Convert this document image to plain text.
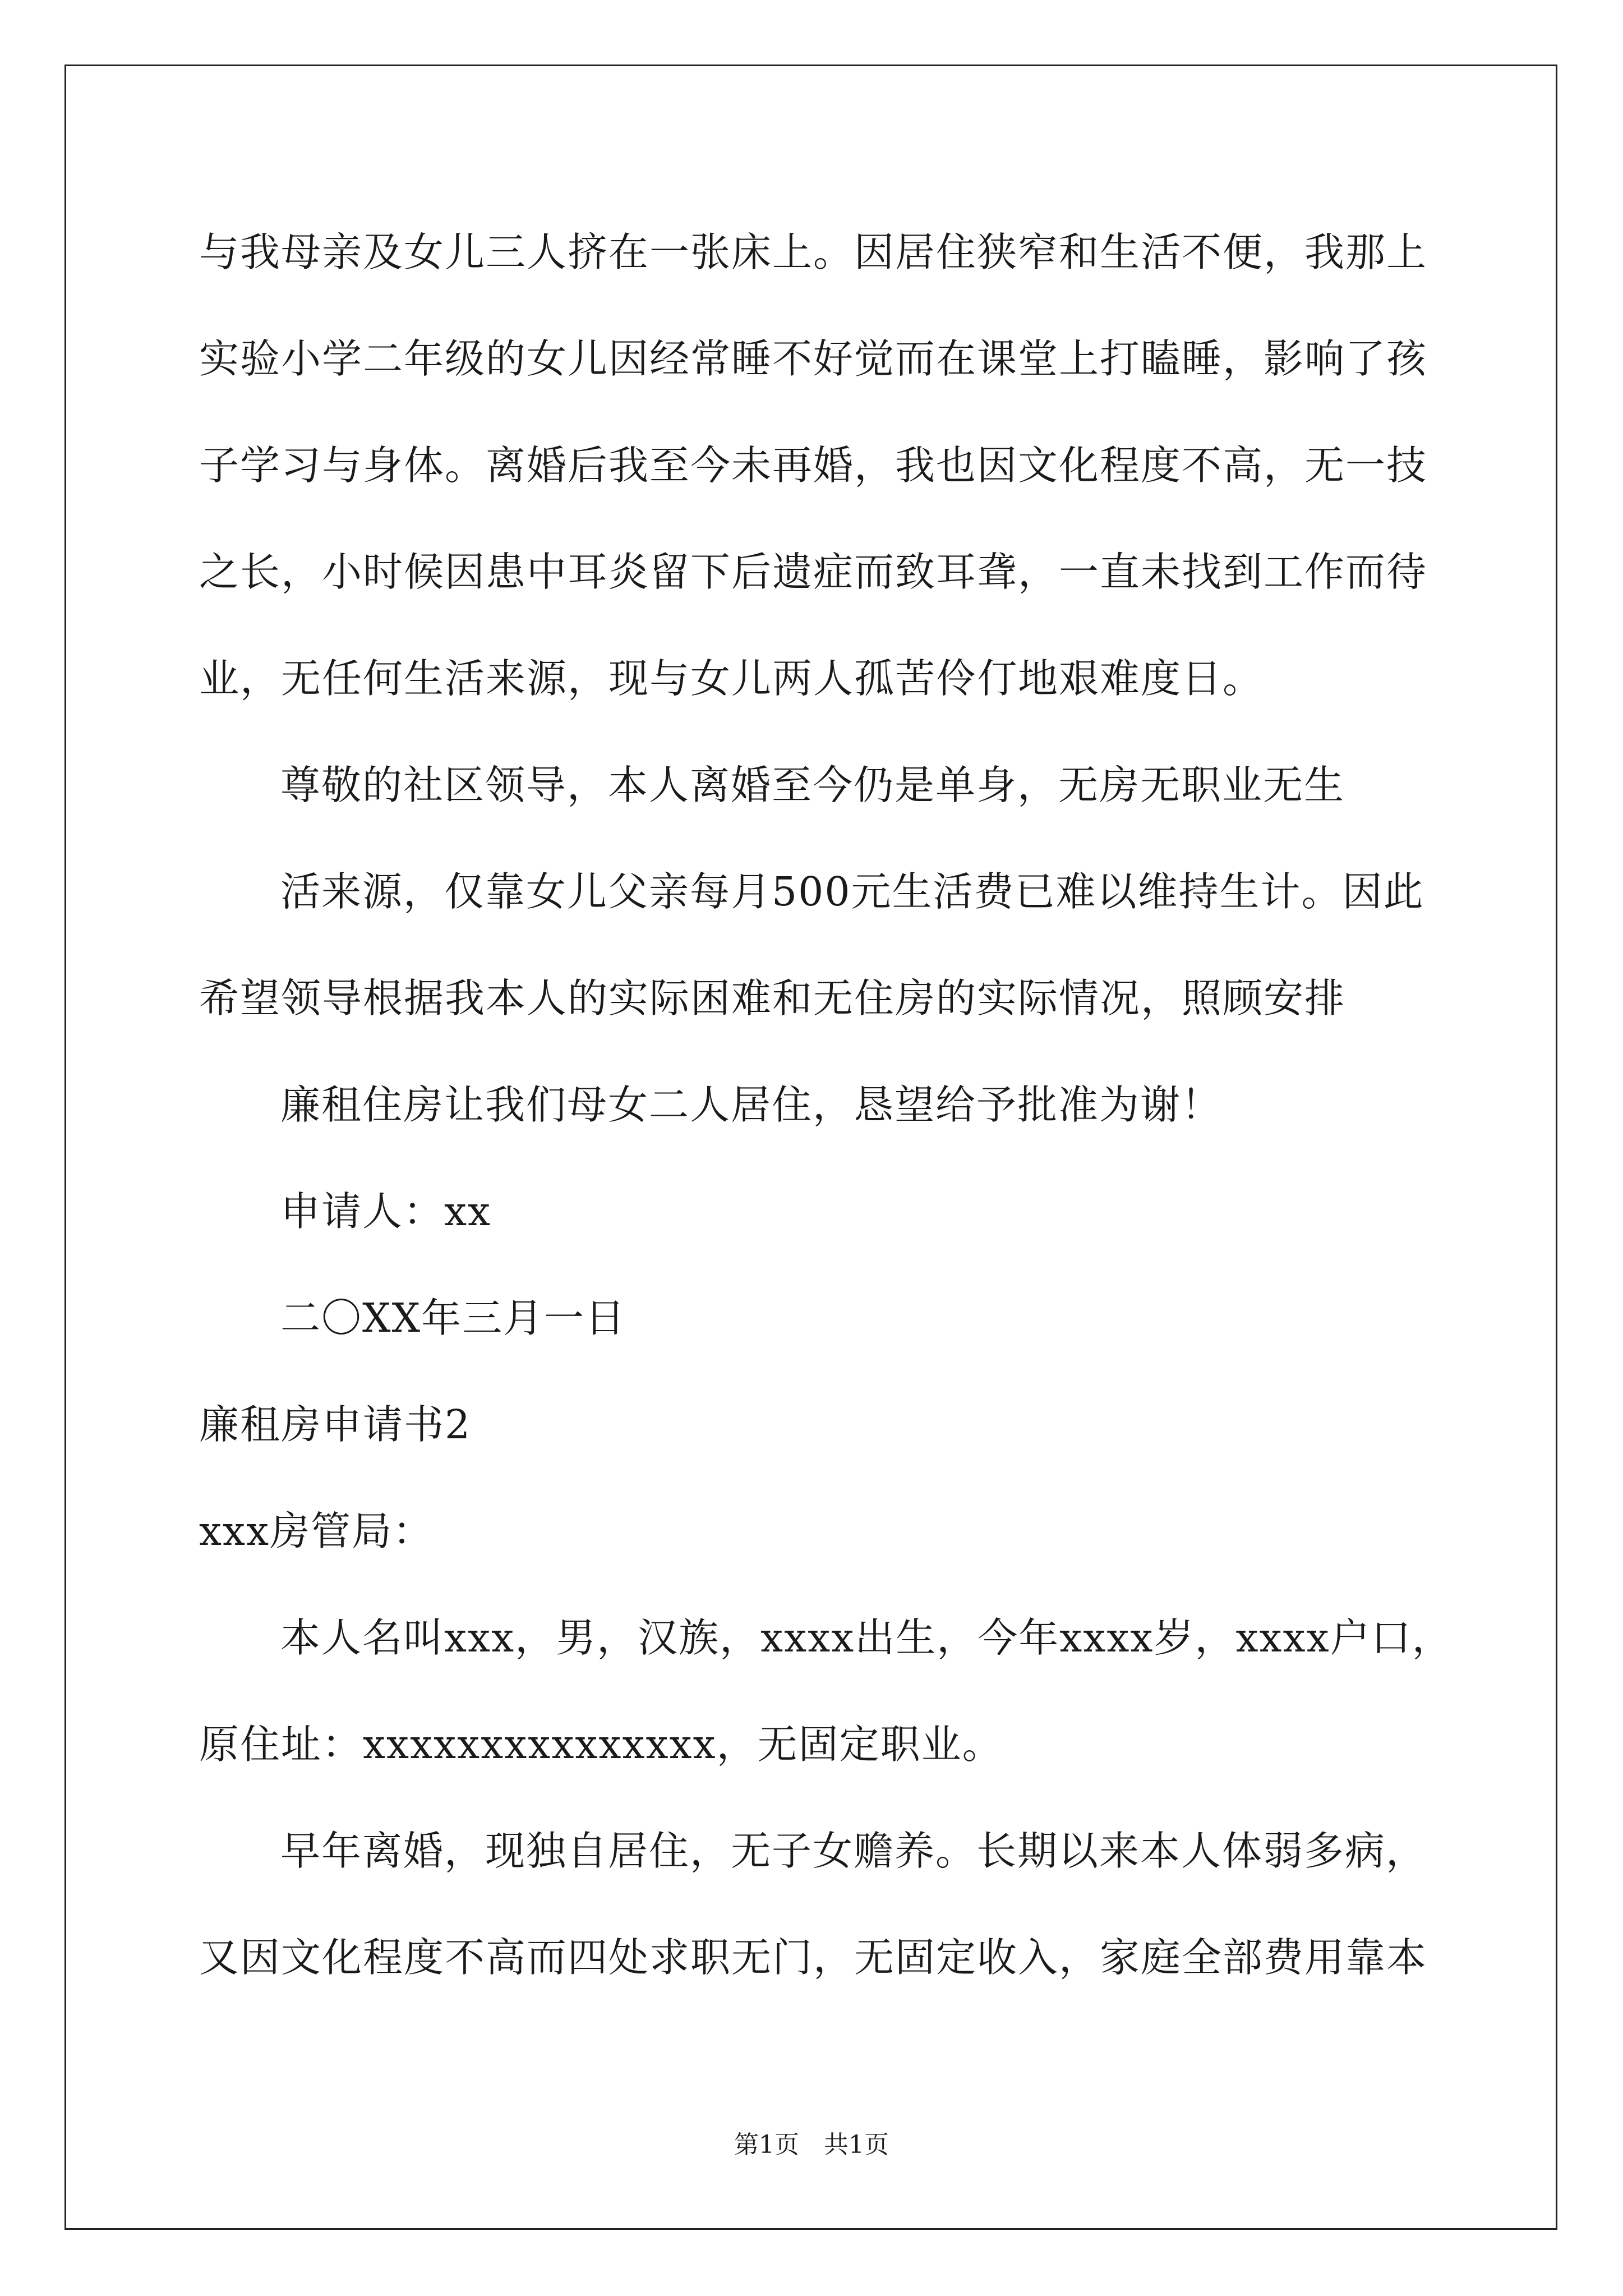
与我母亲及女儿三人挤在一张床上。因居住狭窄和生活不便，我那上
实验小学二年级的女儿因经常睡不好觉而在课堂上打瞌睡，影响了孩
子学习与身体。离婚后我至今未再婚，我也因文化程度不高，无一技
之长，小时候因患中耳炎留下后遗症而致耳聋，一直未找到工作而待
业，无任何生活来源，现与女儿两人孤苦伶仃地艰难度日。
尊敬的社区领导，本人离婚至今仍是单身，无房无职业无生
活来源，仅靠女儿父亲每月500元生活费已难以维持生计。因此
希望领导根据我本人的实际困难和无住房的实际情况，照顾安排
廉租住房让我们母女二人居住，恳望给予批准为谢！
申请人：xx
二〇XX年三月一日
廉租房申请书2
xxx房管局：
本人名叫xxx，男，汉族，xxxx出生，今年xxxx岁，xxxx户口，
原住址：xxxxxxxxxxxxxxx，无固定职业。
早年离婚，现独自居住，无子女赡养。长期以来本人体弱多病，
又因文化程度不高而四处求职无门，无固定收入，家庭全部费用靠本
第1页 共1页
